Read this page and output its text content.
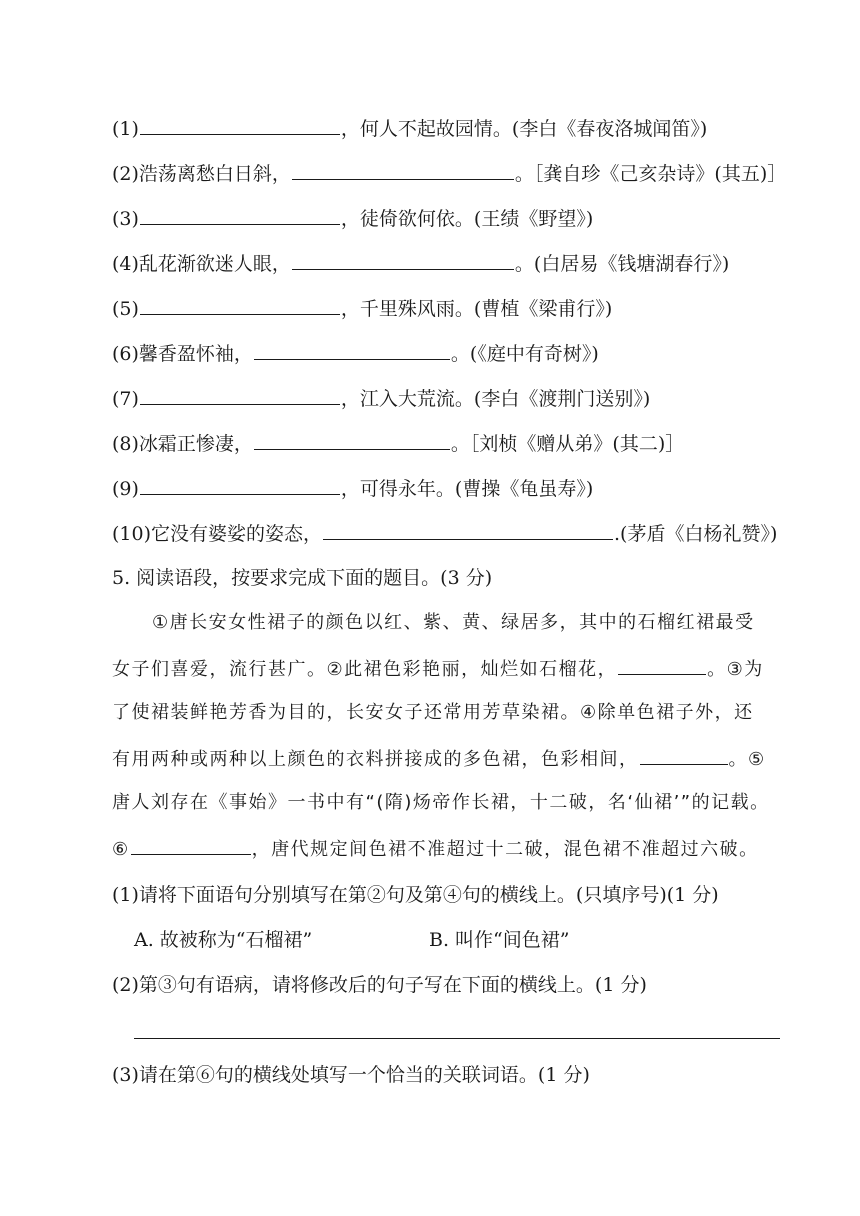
(1)	，何人不起故园情。(李白《春夜洛城闻笛》)
(2)浩荡离愁白日斜，	。［龚自珍《己亥杂诗》(其五)］
(3)	，徒倚欲何依。(王绩《野望》)
(4)乱花渐欲迷人眼，	。(白居易《钱塘湖春行》)
(5)	，千里殊风雨。(曹植《梁甫行》)
(6)馨香盈怀袖，	。(《庭中有奇树》)
(7)	，江入大荒流。(李白《渡荆门送别》)
(8)冰霜正惨凄，	。［刘桢《赠从弟》(其二)］
(9)	，可得永年。(曹操《龟虽寿》)
(10)它没有婆娑的姿态，	.(茅盾《白杨礼赞》)
5. 阅读语段，按要求完成下面的题目。(3 分)
①唐长安女性裙子的颜色以红、紫、黄、绿居多，其中的石榴红裙最受
女子们喜爱，流行甚广。②此裙色彩艳丽，灿烂如石榴花，	。③为
了使裙装鲜艳芳香为目的，长安女子还常用芳草染裙。④除单色裙子外，还
有用两种或两种以上颜色的衣料拼接成的多色裙，色彩相间，	。⑤
唐人刘存在《事始》一书中有“(隋)炀帝作长裙，十二破，名‘仙裙’”的记载。
⑥	，唐代规定间色裙不准超过十二破，混色裙不准超过六破。
(1)请将下面语句分别填写在第②句及第④句的横线上。(只填序号)(1 分)
A. 故被称为“石榴裙”	B. 叫作“间色裙”
(2)第③句有语病，请将修改后的句子写在下面的横线上。(1 分)
(3)请在第⑥句的横线处填写一个恰当的关联词语。(1 分)
